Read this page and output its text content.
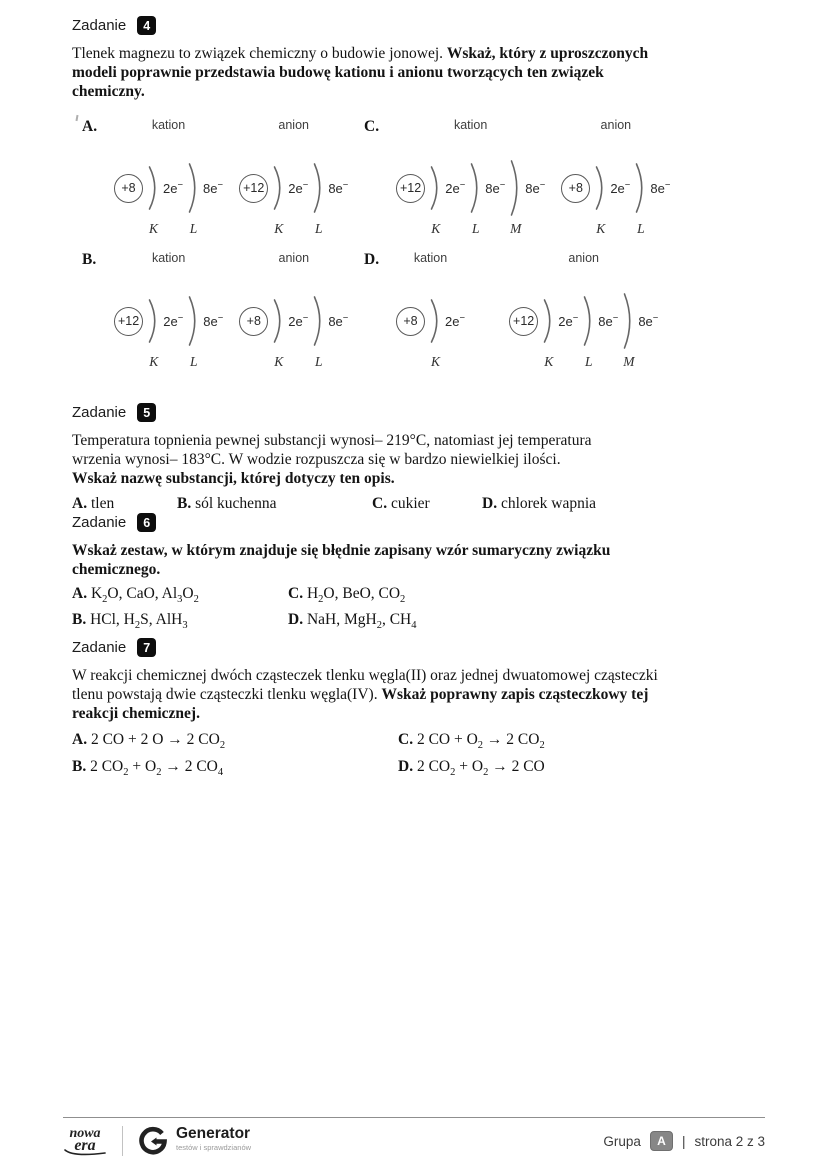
Zadanie	4
Tlenek magnezu to związek chemiczny o budowie jonowej. Wskaż, który z uproszczonych modeli poprawnie przedstawia budowę kationu i anionu tworzących ten związek chemiczny.
A.	kation
+8	2e−
K
8e−
L
anion
+12	2e−
K
8e−
L
C.	kation
+12	2e−
K
8e−
L
8e−
M
anion
+8	2e−
K
8e−
L
B.	kation
+12	2e−
K
8e−
L
anion
+8	2e−
K
8e−
L
D.	kation
+8	2e−
K
anion
+12	2e−
K
8e−
L
8e−
M
Zadanie	5
Temperatura topnienia pewnej substancji wynosi– 219°C, natomiast jej temperatura wrzenia wynosi– 183°C. W wodzie rozpuszcza się w bardzo niewielkiej ilości.
Wskaż nazwę substancji, której dotyczy ten opis.
A. tlen	B. sól kuchenna	C. cukier	D. chlorek wapnia
Zadanie	6
Wskaż zestaw, w którym znajduje się błędnie zapisany wzór sumaryczny związku chemicznego.
A. $K_2O$, CaO, $Al_3O_2$	C. $H_2O$, BeO, $CO_2$
B. HCl, $H_2S$, AlH$_3$	D. NaH, MgH$_2$, $CH_4$
Zadanie	7
W reakcji chemicznej dwóch cząsteczek tlenku węgla(II) oraz jednej dwuatomowej cząsteczki tlenu powstają dwie cząsteczki tlenku węgla(IV). Wskaż poprawny zapis cząsteczkowy tej reakcji chemicznej.
A. 2 CO + 2 O → 2 $CO_2$	C. 2 CO + $O_2 \to 2$ $CO_2$
B. 2 $CO_2 + O_2 \to 2$ $CO_4$	D. 2 $CO_2 + O_2 \to 2$ CO
nowa
era
Generator
testów i sprawdzianów	Grupa	A	| strona 2 z 3
